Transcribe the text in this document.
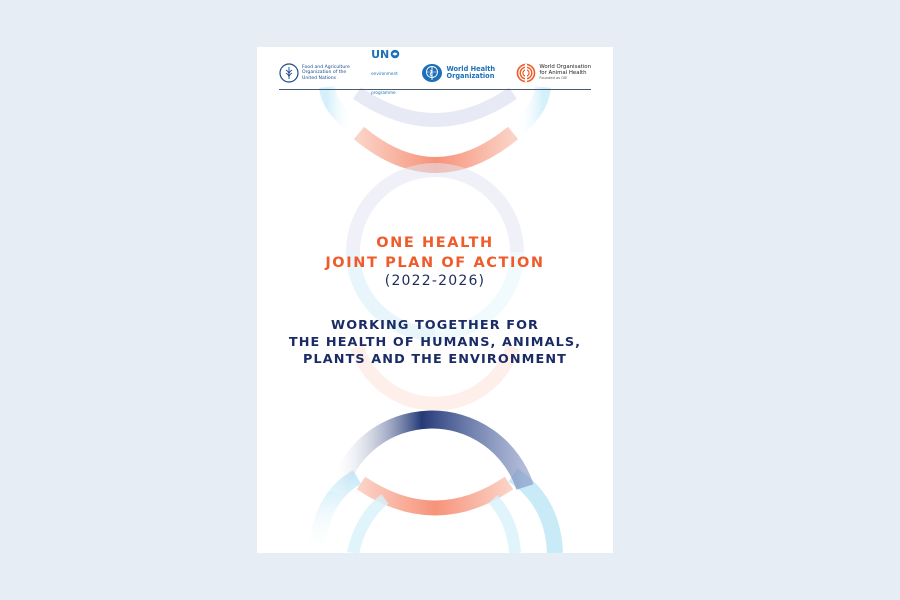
Food and Agriculture
Organization of the
United Nations
UN
environment
programme
World Health
Organization
World Organisation
for Animal Health
Founded as OIE
ONE HEALTH
JOINT PLAN OF ACTION
(2022-2026)
WORKING TOGETHER FOR
THE HEALTH OF HUMANS, ANIMALS,
PLANTS AND THE ENVIRONMENT
